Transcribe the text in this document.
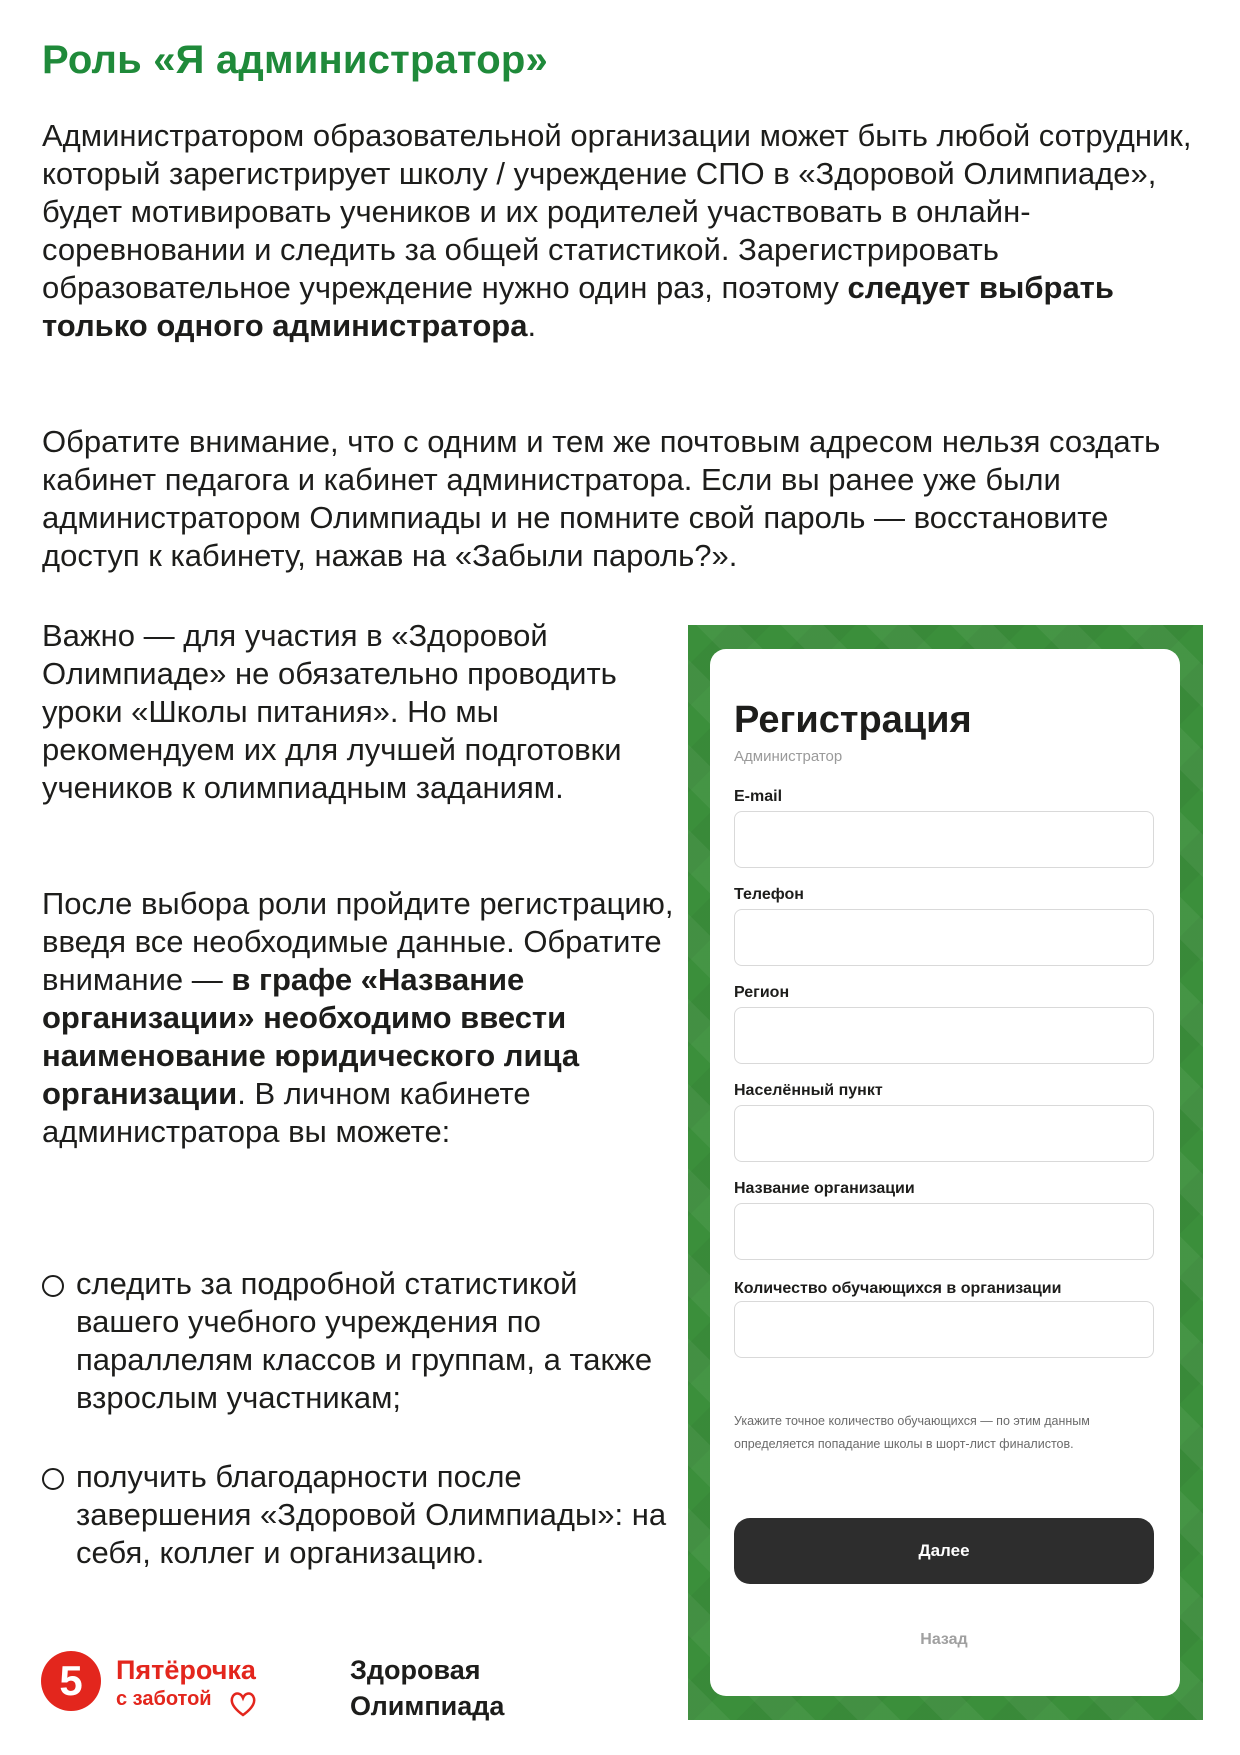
Роль «Я администратор»
Администратором образовательной организации может быть любой сотрудник, который зарегистрирует школу / учреждение СПО в «Здоровой Олимпиаде», будет мотивировать учеников и их родителей участвовать в онлайн-соревновании и следить за общей статистикой. Зарегистрировать образовательное учреждение нужно один раз, поэтому следует выбрать только одного администратора.
Обратите внимание, что с одним и тем же почтовым адресом нельзя создать кабинет педагога и кабинет администратора. Если вы ранее уже были администратором Олимпиады и не помните свой пароль — восстановите доступ к кабинету, нажав на «Забыли пароль?».
Важно — для участия в «Здоровой Олимпиаде» не обязательно проводить уроки «Школы питания». Но мы рекомендуем их для лучшей подготовки учеников к олимпиадным заданиям.
После выбора роли пройдите регистрацию, введя все необходимые данные. Обратите внимание — в графе «Название организации» необходимо ввести наименование юридического лица организации. В личном кабинете администратора вы можете:
следить за подробной статистикой вашего учебного учреждения по параллелям классов и группам, а также взрослым участникам;
получить благодарности после завершения «Здоровой Олимпиады»: на себя, коллег и организацию.
Регистрация
Администратор
E-mail
Телефон
Регион
Населённый пункт
Название организации
Количество обучающихся в организации
Укажите точное количество обучающихся — по этим данным определяется попадание школы в шорт-лист финалистов.
Далее
Назад
5 Пятёрочка
с заботой
Здоровая
Олимпиада
